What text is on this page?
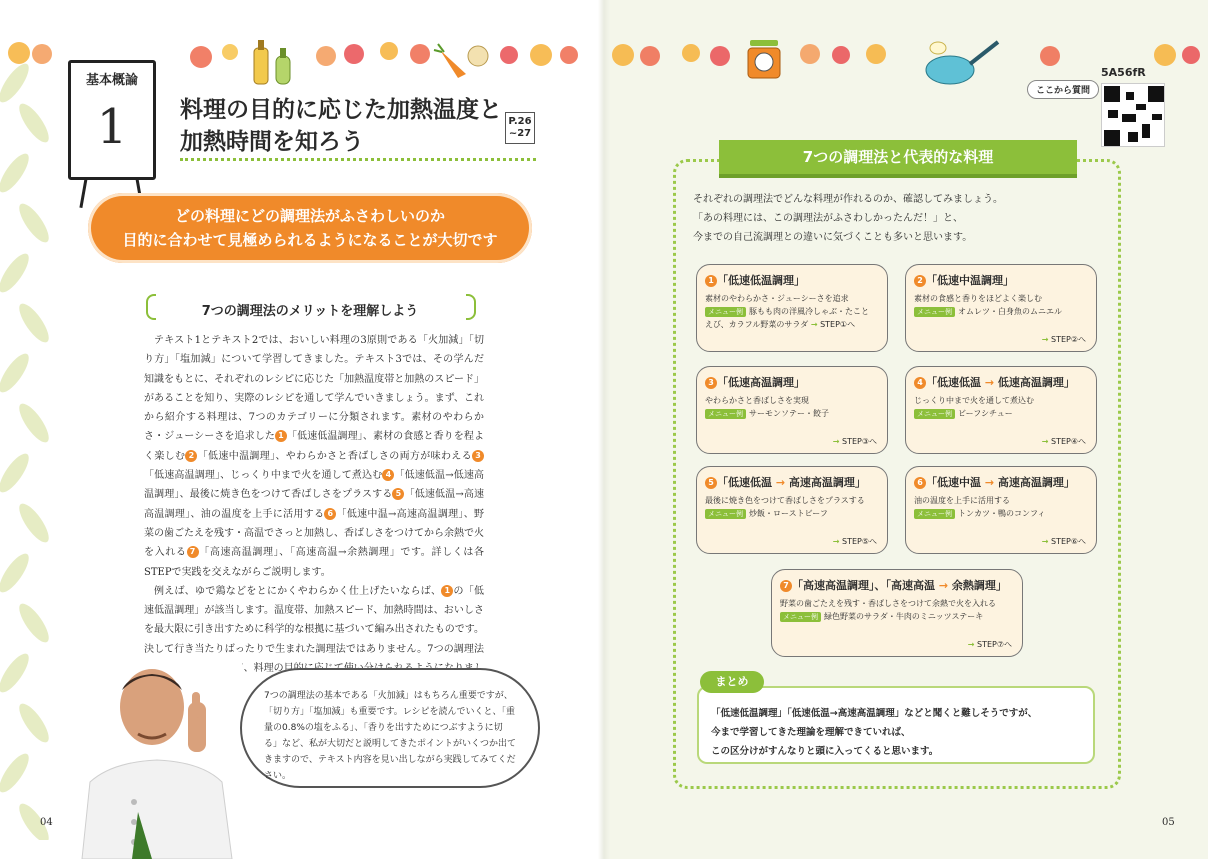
基本概論
1	料理の目的に応じた加熱温度と
加熱時間を知ろう
P.26 ~27
どの料理にどの調理法がふさわしいのか
目的に合わせて見極められるようになることが大切です
7つの調理法のメリットを理解しよう

テキスト1とテキスト2では、おいしい料理の3原則である「火加減」「切り方」「塩加減」について学習してきました。テキスト3では、その学んだ知識をもとに、それぞれのレシピに応じた「加熱温度帯と加熱のスピード」があることを知り、実際のレシピを通して学んでいきましょう。まず、これから紹介する料理は、7つのカテゴリーに分類されます。素材のやわらかさ・ジューシーさを追求した 1 「低速低温調理」、素材の食感と香りを程よく楽しむ 2 「低速中温調理」、やわらかさと香ばしさの両方が味わえる 3「低速高温調理」、じっくり中まで火を通して煮込む 4 「低速低温→低速高温調理」、最後に焼き色をつけて香ばしさをプラスする 5 「低速低温→高速高温調理」、油の温度を上手に活用する 6 「低速中温→高速高温調理」、野菜の歯ごたえを残す・高温でさっと加熱し、香ばしさをつけてから余熱で火を入れる 7 「高速高温調理」、「高速高温→余熱調理」です。詳しくは各STEPで実践を交えながらご説明します。

例えば、ゆで鶏などをとにかくやわらかく仕上げたいならば、 1 の「低速低温調理」が該当します。温度帯、加熱スピード、加熱時間は、おいしさを最大限に引き出すために科学的な根拠に基づいて編み出されたものです。決して行き当たりばったりで生まれた調理法ではありません。7つの調理法 メリットを理解して、料理の目的に応じ

7つの調理法の基本である「火加減」はもちろん重要ですが、「切り方」「塩加減」も重要です。レシピを読んでいくと、「重量の0.8%の塩をふる」、「香りを出すためにつぶすように切る」など、私が大切だと説明してきたポイントがいくつか出てきますので、テキスト内容を見い出しながら実践してみてください。
04
5A56fR
ここから質問
7つの調理法と代表的な料理
それぞれの調理法でどんな料理が作れるのか、確認してみましょう。
「あの料理には、この調理法がふさわしかったんだ！」と、
今までの自己流調理との違いに気づくことも多いと思います。
1 「低速低温調理」
素材のやわらかさ・ジューシーさを追求
メニュー例 豚もも肉の洋風冷しゃぶ・たこと
えび、カラフル野菜のサラダ → STEP①へ
2 「低速中温調理」
素材の食感と香りをほどよく楽しむ
メニュー例 オムレツ・白身魚のムニエル
→ STEP②へ
3 「低速高温調理」
やわらかさと香ばしさを実現
メニュー例 サーモンソテー・餃子
→ STEP③へ
4 「低速低温 → 低速高温調理」
じっくり中まで火を通して煮込む
メニュー例 ビーフシチュー
→ STEP④へ
5 「低速低温 → 高速高温調理」
最後に焼き色をつけて香ばしさをプラスする
メニュー例 炒飯・ローストビーフ
→ STEP⑤へ
6 「低速中温 → 高速高温調理」
油の温度を上手に活用する
メニュー例 トンカツ・鴨のコンフィ
→ STEP⑥へ
7 「高速高温調理」、「高速高温 → 余熱調理」
野菜の歯ごたえを残す・香ばしさをつけて余熱で火を入れる
メニュー例 緑色野菜のサラダ・牛肉のミニッツステーキ
→ STEP⑦へ
「低速低温調理」「低速低温→高速高温調理」などと聞くと難しそうですが、
今まで学習してきた理論を理解できていれば、
この区分けがすんなりと頭に入ってくると思います。
まとめ
05
